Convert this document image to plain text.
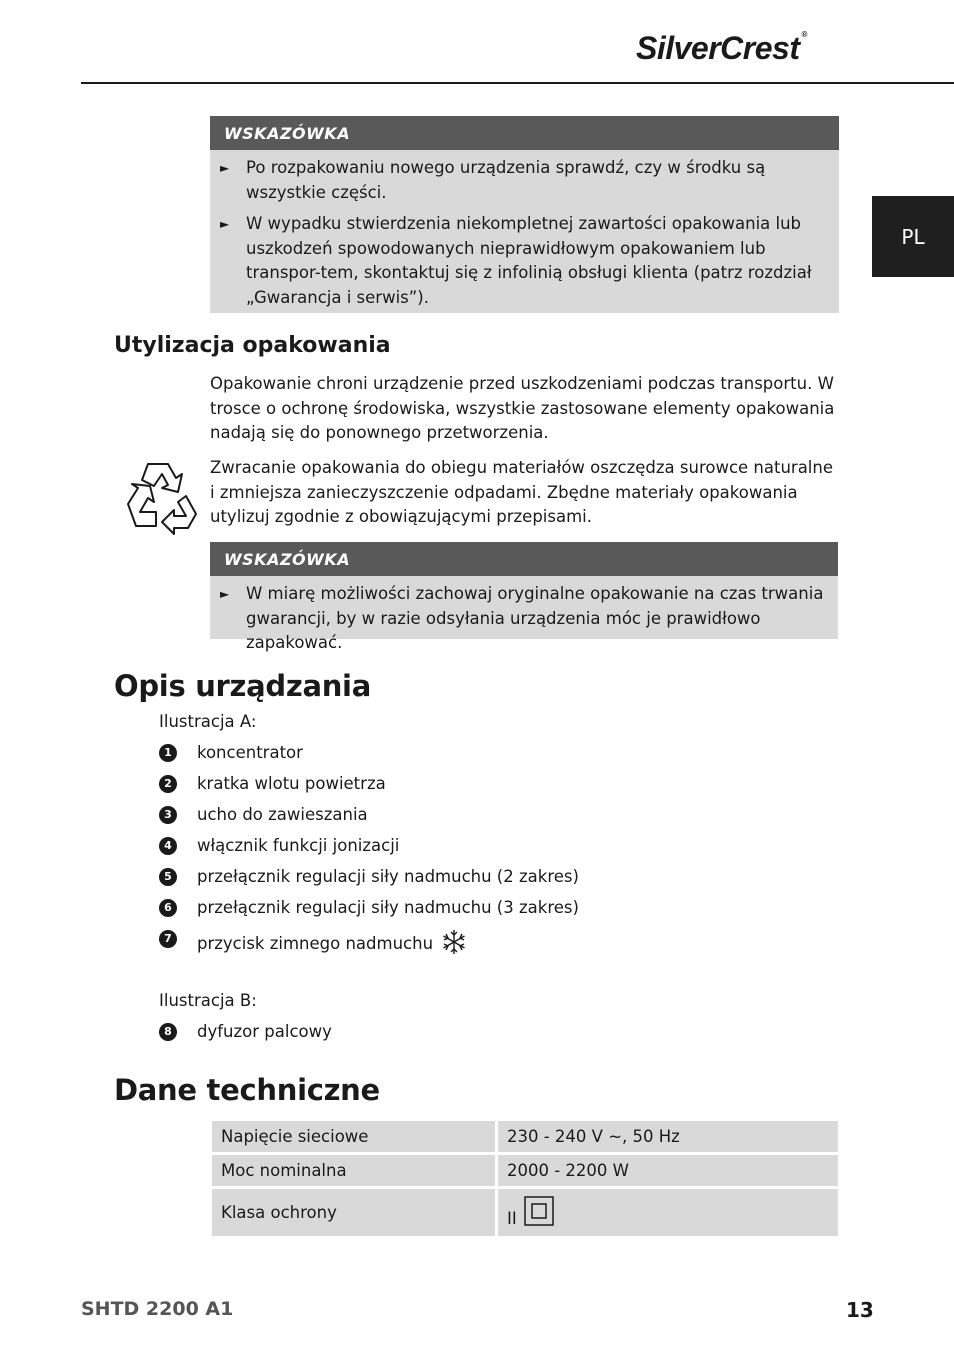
SilverCrest ®
PL
WSKAZÓWKA
► Po rozpakowaniu nowego urządzenia sprawdź, czy w środku są wszystkie części.
► W wypadku stwierdzenia niekompletnej zawartości opakowania lub uszkodzeń spowodowanych nieprawidłowym opakowaniem lub transpor-tem, skontaktuj się z infolinią obsługi klienta (patrz rozdział „Gwarancja i serwis”).
Utylizacja opakowania
Opakowanie chroni urządzenie przed uszkodzeniami podczas transportu. W trosce o ochronę środowiska, wszystkie zastosowane elementy opakowania nadają się do ponownego przetworzenia.
Zwracanie opakowania do obiegu materiałów oszczędza surowce naturalne i zmniejsza zanieczyszczenie odpadami. Zbędne materiały opakowania utylizuj zgodnie z obowiązującymi przepisami.
WSKAZÓWKA
► W miarę możliwości zachowaj oryginalne opakowanie na czas trwania gwarancji, by w razie odsyłania urządzenia móc je prawidłowo zapakować.
Opis urządzania
Ilustracja A:
1	koncentrator
2	kratka wlotu powietrza
3	ucho do zawieszania
4	włącznik funkcji jonizacji
5	przełącznik regulacji siły nadmuchu (2 zakres)
6	przełącznik regulacji siły nadmuchu (3 zakres)
7	przycisk zimnego nadmuchu
Ilustracja B:
8	dyfuzor palcowy
Dane techniczne
Napięcie sieciowe	230 - 240 V ~, 50 Hz
Moc nominalna	2000 - 2200 W
Klasa ochrony	II
SHTD 2200 A1	13
